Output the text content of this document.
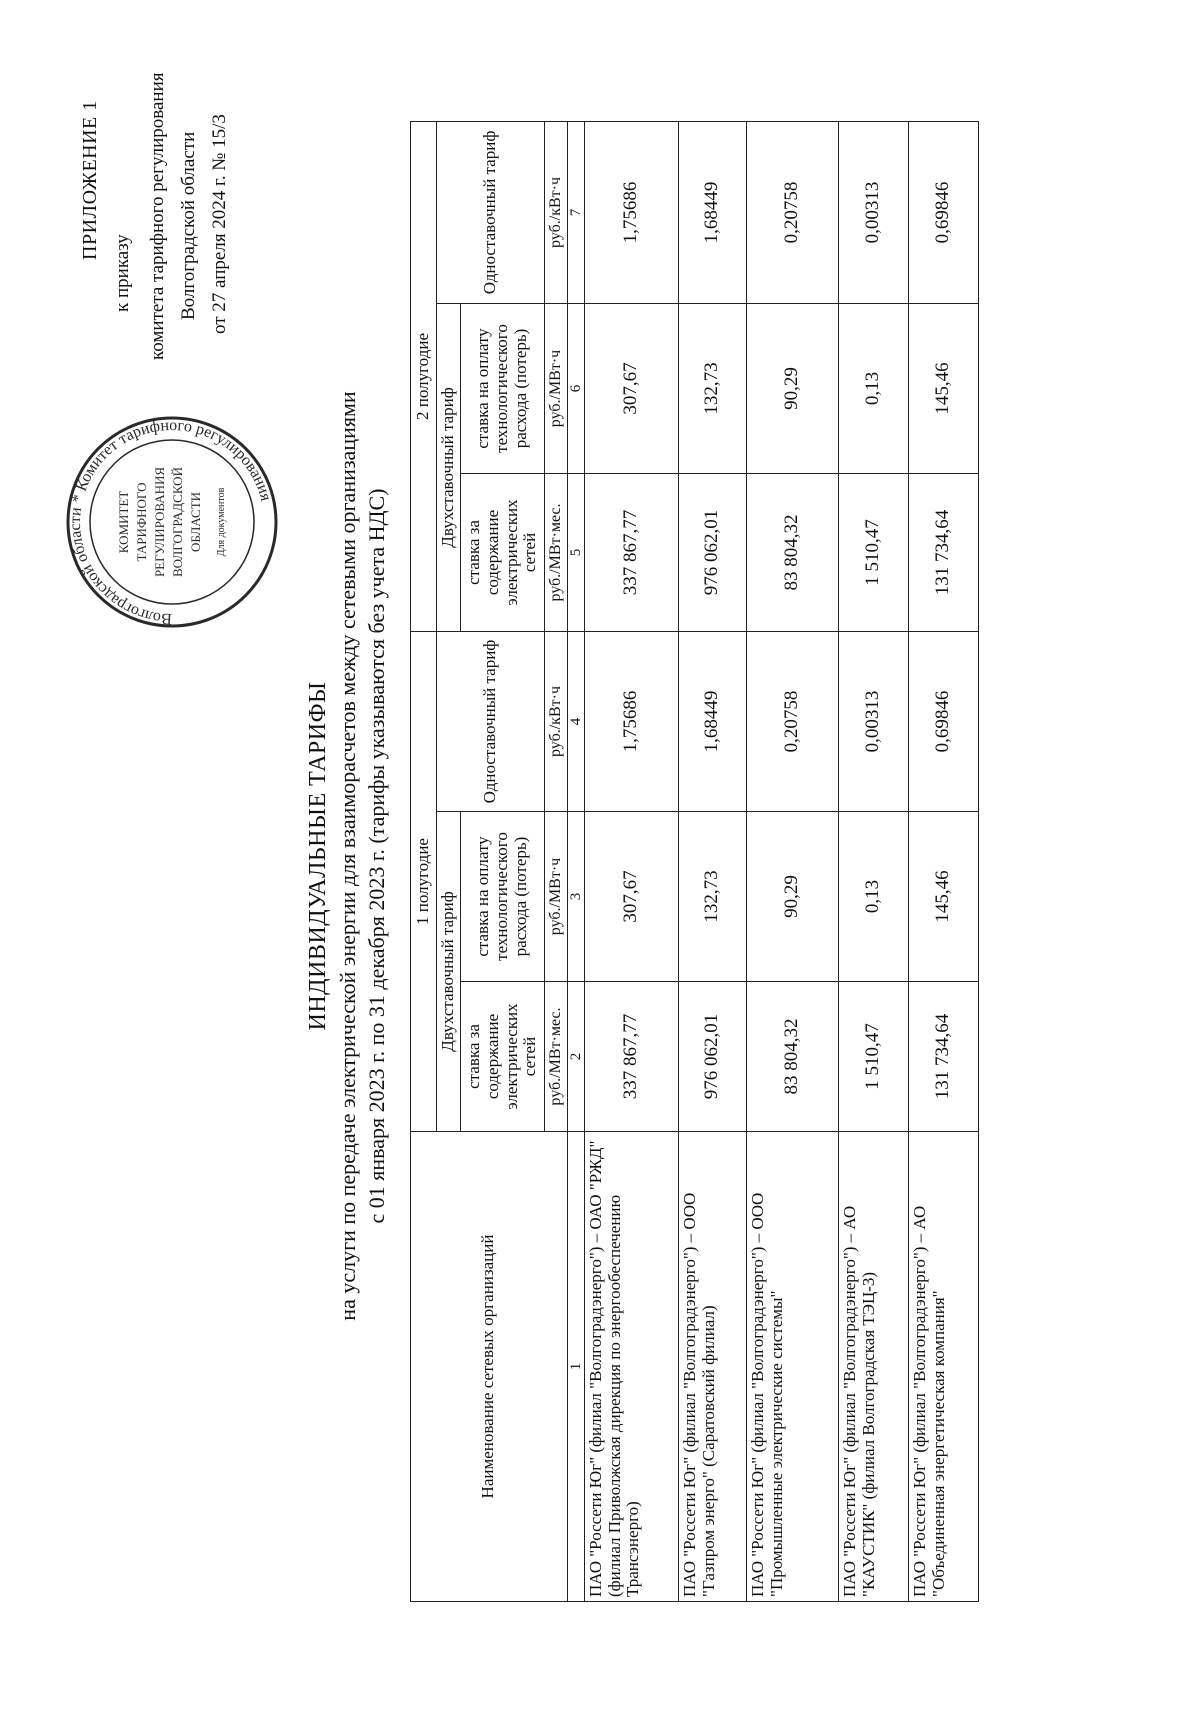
Волгоградской области * Комитет тарифного регулирования
КОМИТЕТ ТАРИФНОГО РЕГУЛИРОВАНИЯ ВОЛГОГРАДСКОЙ ОБЛАСТИ Для документов
ПРИЛОЖЕНИЕ 1
к приказу комитета тарифного регулирования Волгоградской области от 27 апреля 2024 г. № 15/3
ИНДИВИДУАЛЬНЫЕ ТАРИФЫ на услуги по передаче электрической энергии для взаиморасчетов между сетевыми организациями с 01 января 2023 г. по 31 декабря 2023 г. (тарифы указываются без учета НДС)
Наименование сетевых организаций	1 полугодие			2 полугодие		
	Двухставочный тариф		Одноставочный тариф	Двухставочный тариф		Одноставочный тариф
	ставка за содержание электрических сетей	ставка на оплату технологического расхода (потерь)		ставка за содержание электрических сетей	ставка на оплату технологического расхода (потерь)	
	руб./МВт·мес.	руб./МВт·ч	руб./кВт·ч	руб./МВт·мес.	руб./МВт·ч	руб./кВт·ч
1	2	3	4	5	6	7
ПАО "Россети Юг" (филиал "Волгоградэнерго") – ОАО "РЖД" (филиал Приволжская дирекция по энергообеспечению Трансэнерго)	337 867,77	307,67	1,75686	337 867,77	307,67	1,75686
ПАО "Россети Юг" (филиал "Волгоградэнерго") – ООО "Газпром энерго" (Саратовский филиал)	976 062,01	132,73	1,68449	976 062,01	132,73	1,68449
ПАО "Россети Юг" (филиал "Волгоградэнерго") – ООО "Промышленные электрические системы"	83 804,32	90,29	0,20758	83 804,32	90,29	0,20758
ПАО "Россети Юг" (филиал "Волгоградэнерго") – АО "КАУСТИК" (филиал Волгоградская ТЭЦ-3)	1 510,47	0,13	0,00313	1 510,47	0,13	0,00313
ПАО "Россети Юг" (филиал "Волгоградэнерго") – АО "Объединенная энергетическая компания"	131 734,64	145,46	0,69846	131 734,64	145,46	0,69846
